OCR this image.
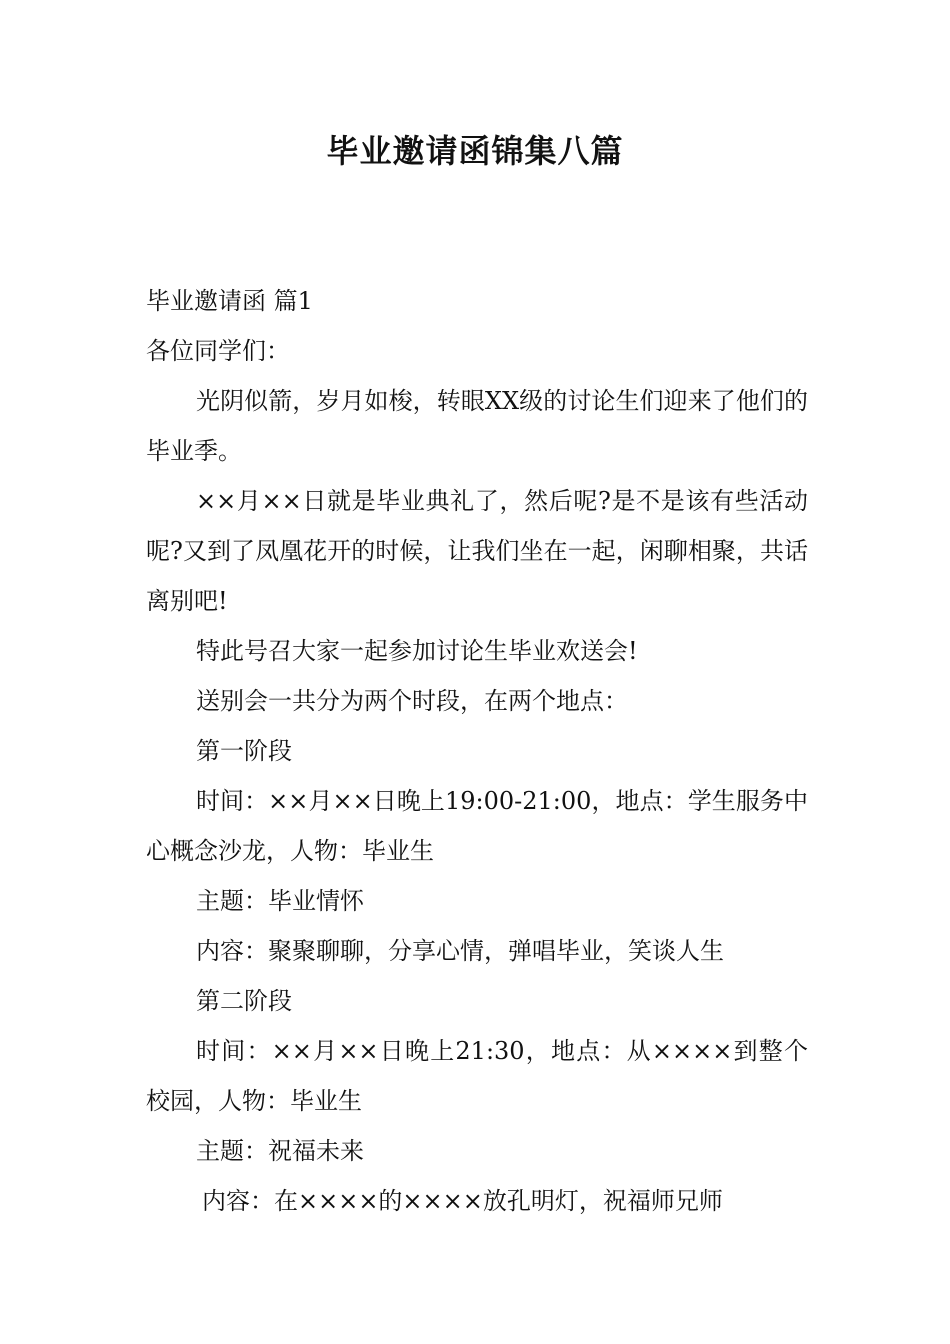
毕业邀请函锦集八篇

毕业邀请函 篇1

各位同学们：

光阴似箭，岁月如梭，转眼XX级的讨论生们迎来了他们的毕业季。

××月××日就是毕业典礼了，然后呢?是不是该有些活动呢?又到了凤凰花开的时候，让我们坐在一起，闲聊相聚，共话离别吧!

特此号召大家一起参加讨论生毕业欢送会!

送别会一共分为两个时段，在两个地点：

第一阶段

时间：××月××日晚上19:00-21:00，地点：学生服务中心概念沙龙，人物：毕业生

主题：毕业情怀

内容：聚聚聊聊，分享心情，弹唱毕业，笑谈人生

第二阶段

时间：××月××日晚上21:30，地点：从××××到整个校园，人物：毕业生

主题：祝福未来

内容：在××××的××××放孔明灯，祝福师兄师
